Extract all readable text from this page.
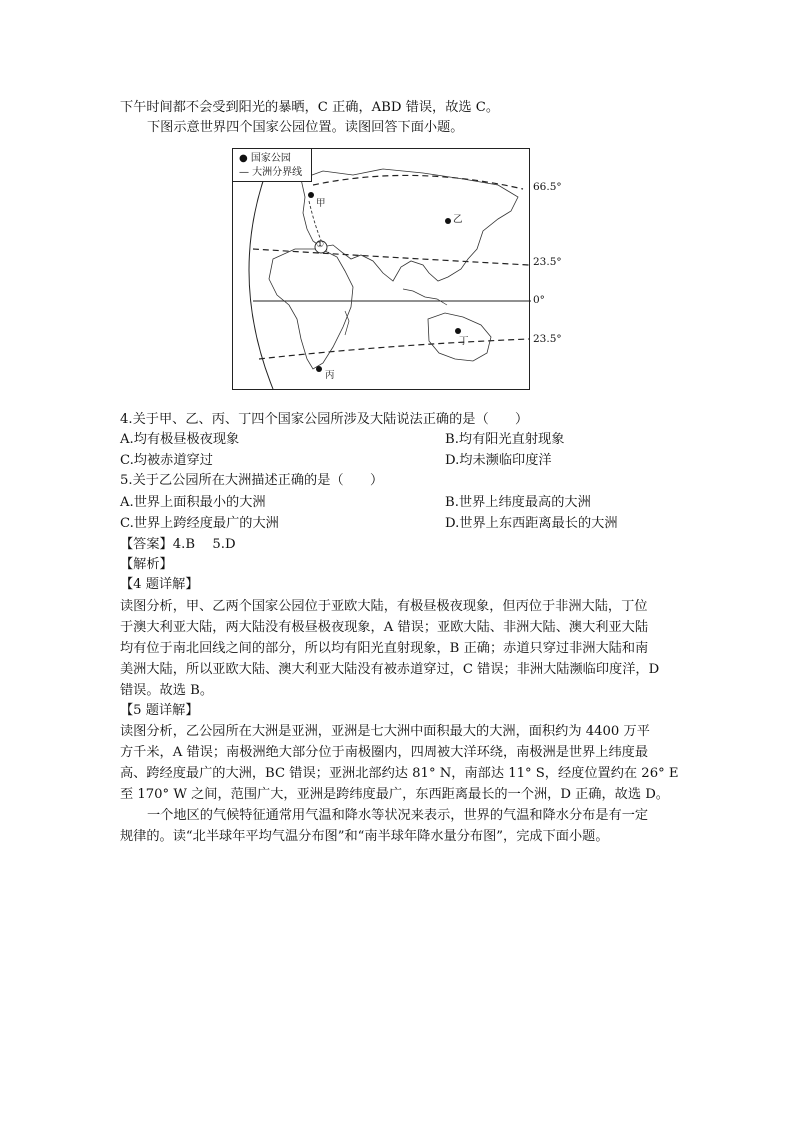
下午时间都不会受到阳光的暴晒，C 正确，ABD 错误，故选 C。
下图示意世界四个国家公园位置。读图回答下面小题。
● 国家公园
— 大洲分界线
甲
乙
丙
丁
①
66.5°
23.5°
0°
23.5°
4.关于甲、乙、丙、丁四个国家公园所涉及大陆说法正确的是（　　）
A.均有极昼极夜现象	B.均有阳光直射现象
C.均被赤道穿过	D.均未濒临印度洋
5.关于乙公园所在大洲描述正确的是（　　）
A.世界上面积最小的大洲	B.世界上纬度最高的大洲
C.世界上跨经度最广的大洲	D.世界上东西距离最长的大洲
【答案】4.B　 5.D
【解析】
【4 题详解】
读图分析，甲、乙两个国家公园位于亚欧大陆，有极昼极夜现象，但丙位于非洲大陆，丁位
于澳大利亚大陆，两大陆没有极昼极夜现象，A 错误；亚欧大陆、非洲大陆、澳大利亚大陆
均有位于南北回线之间的部分，所以均有阳光直射现象，B 正确；赤道只穿过非洲大陆和南
美洲大陆，所以亚欧大陆、澳大利亚大陆没有被赤道穿过，C 错误；非洲大陆濒临印度洋，D
错误。故选 B。
【5 题详解】
读图分析，乙公园所在大洲是亚洲，亚洲是七大洲中面积最大的大洲，面积约为 4400 万平
方千米，A 错误；南极洲绝大部分位于南极圈内，四周被大洋环绕，南极洲是世界上纬度最
高、跨经度最广的大洲，BC 错误；亚洲北部约达 81° N，南部达 11° S，经度位置约在 26° E
至 170° W 之间，范围广大，亚洲是跨纬度最广，东西距离最长的一个洲，D 正确，故选 D。
一个地区的气候特征通常用气温和降水等状况来表示，世界的气温和降水分布是有一定
规律的。读“北半球年平均气温分布图”和“南半球年降水量分布图”，完成下面小题。
